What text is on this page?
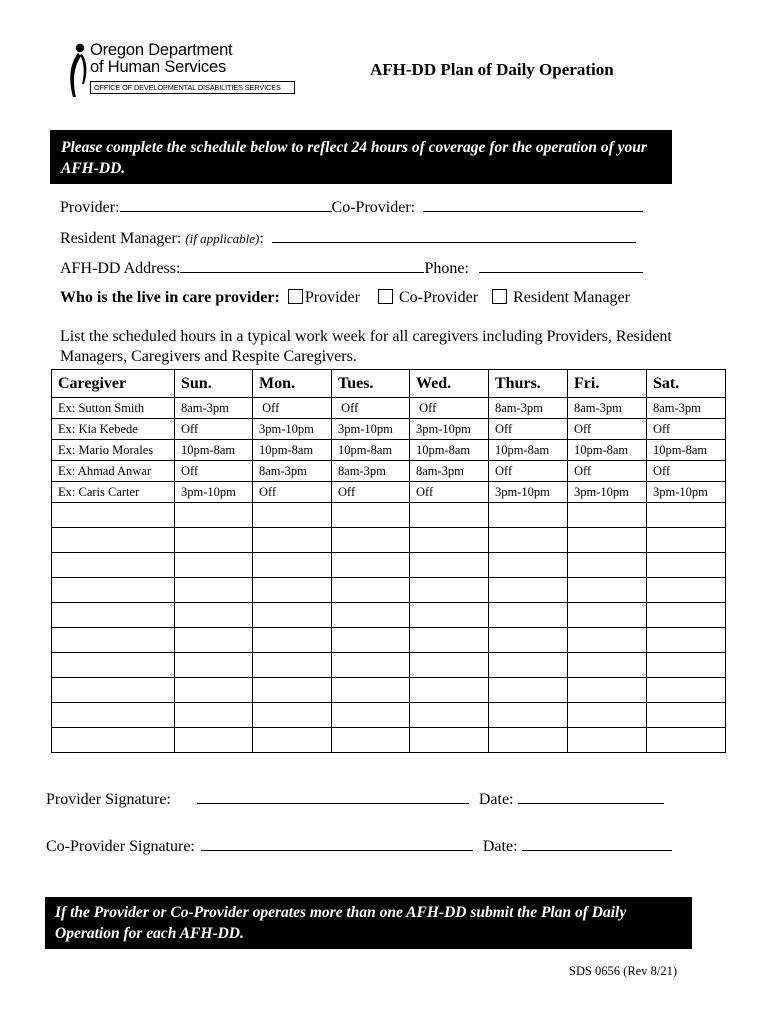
Oregon Department
of Human Services
OFFICE OF DEVELOPMENTAL DISABILITIES SERVICES
AFH-DD Plan of Daily Operation
Please complete the schedule below to reflect 24 hours of coverage for the operation of your AFH-DD.
Provider:	Co-Provider:
Resident Manager: (if applicable):
AFH-DD Address:	Phone:
Who is the live in care provider: Provider Co-Provider Resident Manager
List the scheduled hours in a typical work week for all caregivers including Providers, Resident Managers, Caregivers and Respite Caregivers.
Caregiver	Sun.	Mon.	Tues.	Wed.	Thurs.	Fri.	Sat.
Ex: Sutton Smith	8am-3pm	Off	Off	Off	8am-3pm	8am-3pm	8am-3pm
Ex: Kia Kebede	Off	3pm-10pm	3pm-10pm	3pm-10pm	Off	Off	Off
Ex: Mario Morales	10pm-8am	10pm-8am	10pm-8am	10pm-8am	10pm-8am	10pm-8am	10pm-8am
Ex: Ahmad Anwar	Off	8am-3pm	8am-3pm	8am-3pm	Off	Off	Off
Ex: Caris Carter	3pm-10pm	Off	Off	Off	3pm-10pm	3pm-10pm	3pm-10pm

Provider Signature:	Date:
Co-Provider Signature:	Date:
If the Provider or Co-Provider operates more than one AFH-DD submit the Plan of Daily Operation for each AFH-DD.
SDS 0656 (Rev 8/21)
